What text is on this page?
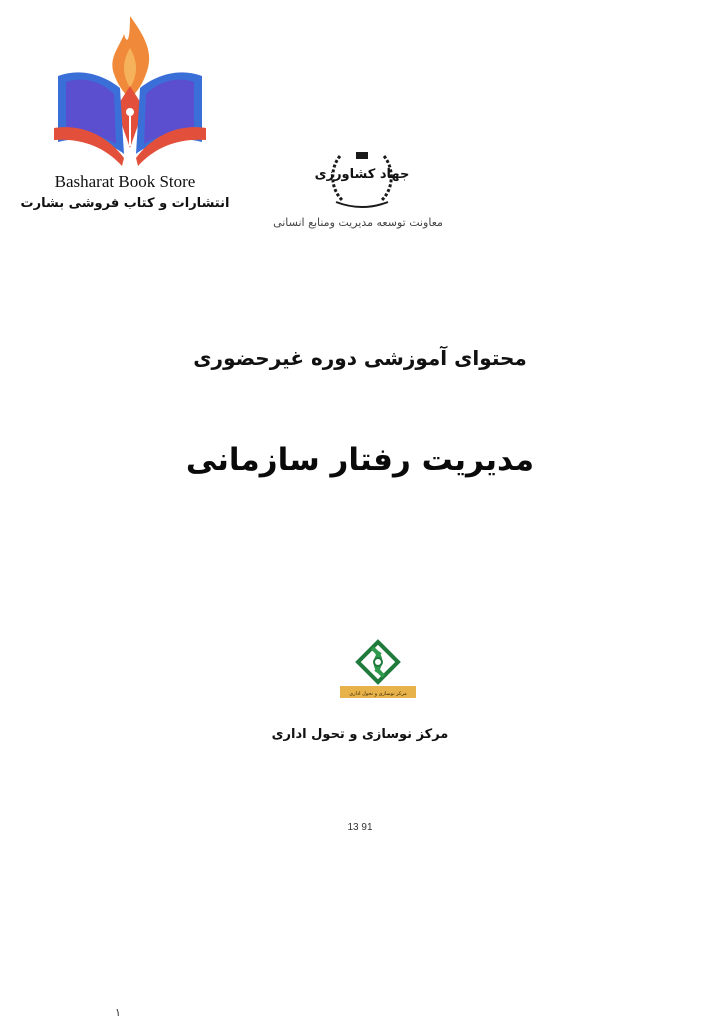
Basharat Book Store
انتشارات و کتاب فروشی بشارت
جهاد کشاورزی
معاونت توسعه مدیریت ومنابع انسانی
محتوای آموزشی دوره غیرحضوری
مدیریت رفتار سازمانی
مرکز نوسازی و تحول اداری
مرکز نوسازی و تحول اداری
13 91
۱
